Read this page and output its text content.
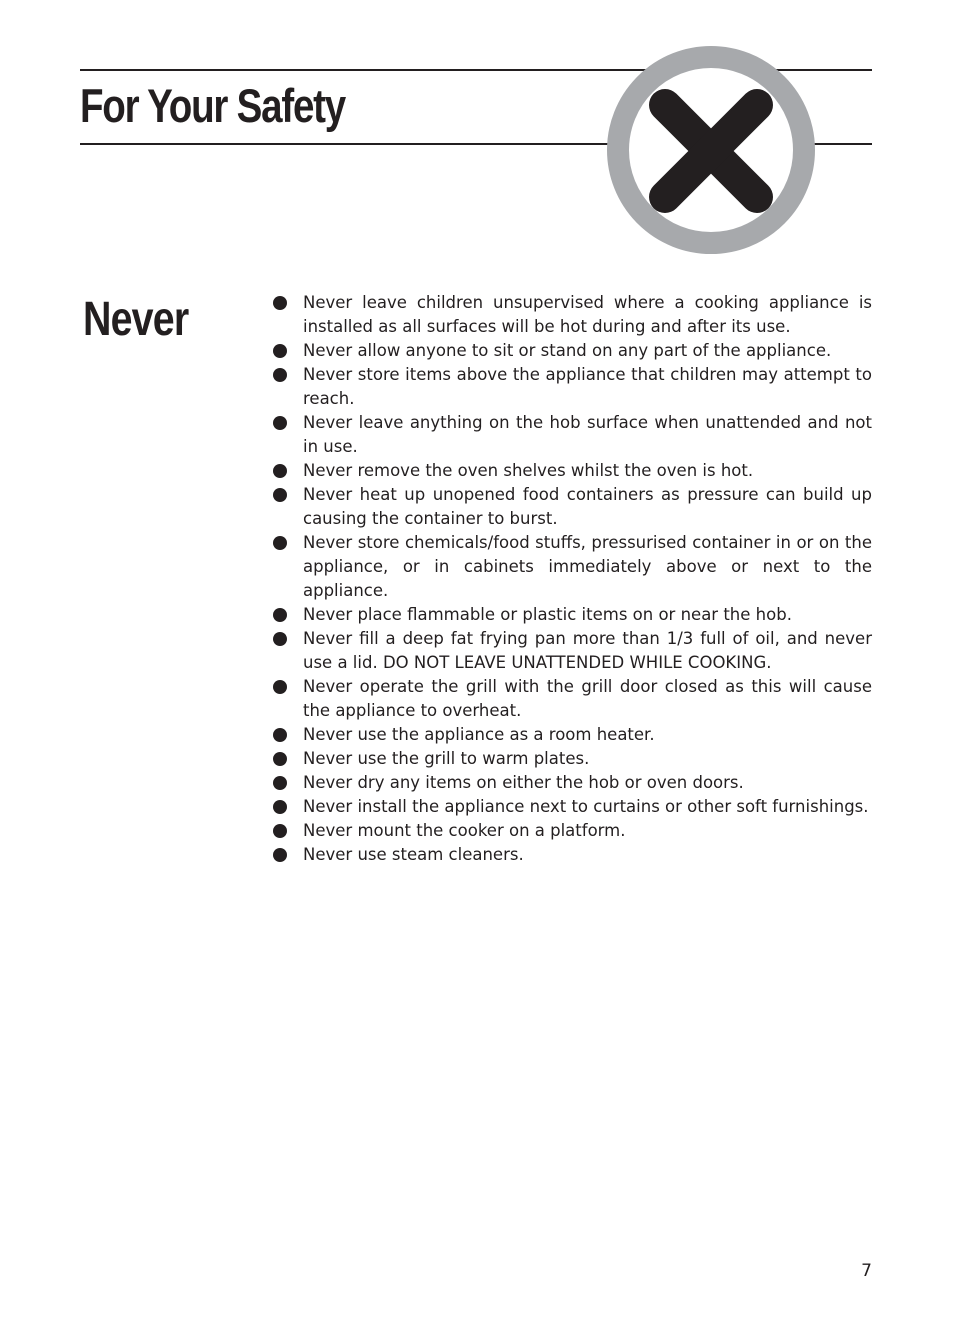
For Your Safety
Never	Never leave children unsupervised where a cooking appliance is installed as all surfaces will be hot during and after its use.
Never allow anyone to sit or stand on any part of the appliance.
Never store items above the appliance that children may attempt to reach.
Never leave anything on the hob surface when unattended and not in use.
Never remove the oven shelves whilst the oven is hot.
Never heat up unopened food containers as pressure can build up causing the container to burst.
Never store chemicals/food stuffs, pressurised container in or on the appliance, or in cabinets immediately above or next to the appliance.
Never place flammable or plastic items on or near the hob.
Never fill a deep fat frying pan more than 1/3 full of oil, and never use a lid. DO NOT LEAVE UNATTENDED WHILE COOKING.
Never operate the grill with the grill door closed as this will cause the appliance to overheat.
Never use the appliance as a room heater.
Never use the grill to warm plates.
Never dry any items on either the hob or oven doors.
Never install the appliance next to curtains or other soft furnishings.
Never mount the cooker on a platform.
Never use steam cleaners.
7
